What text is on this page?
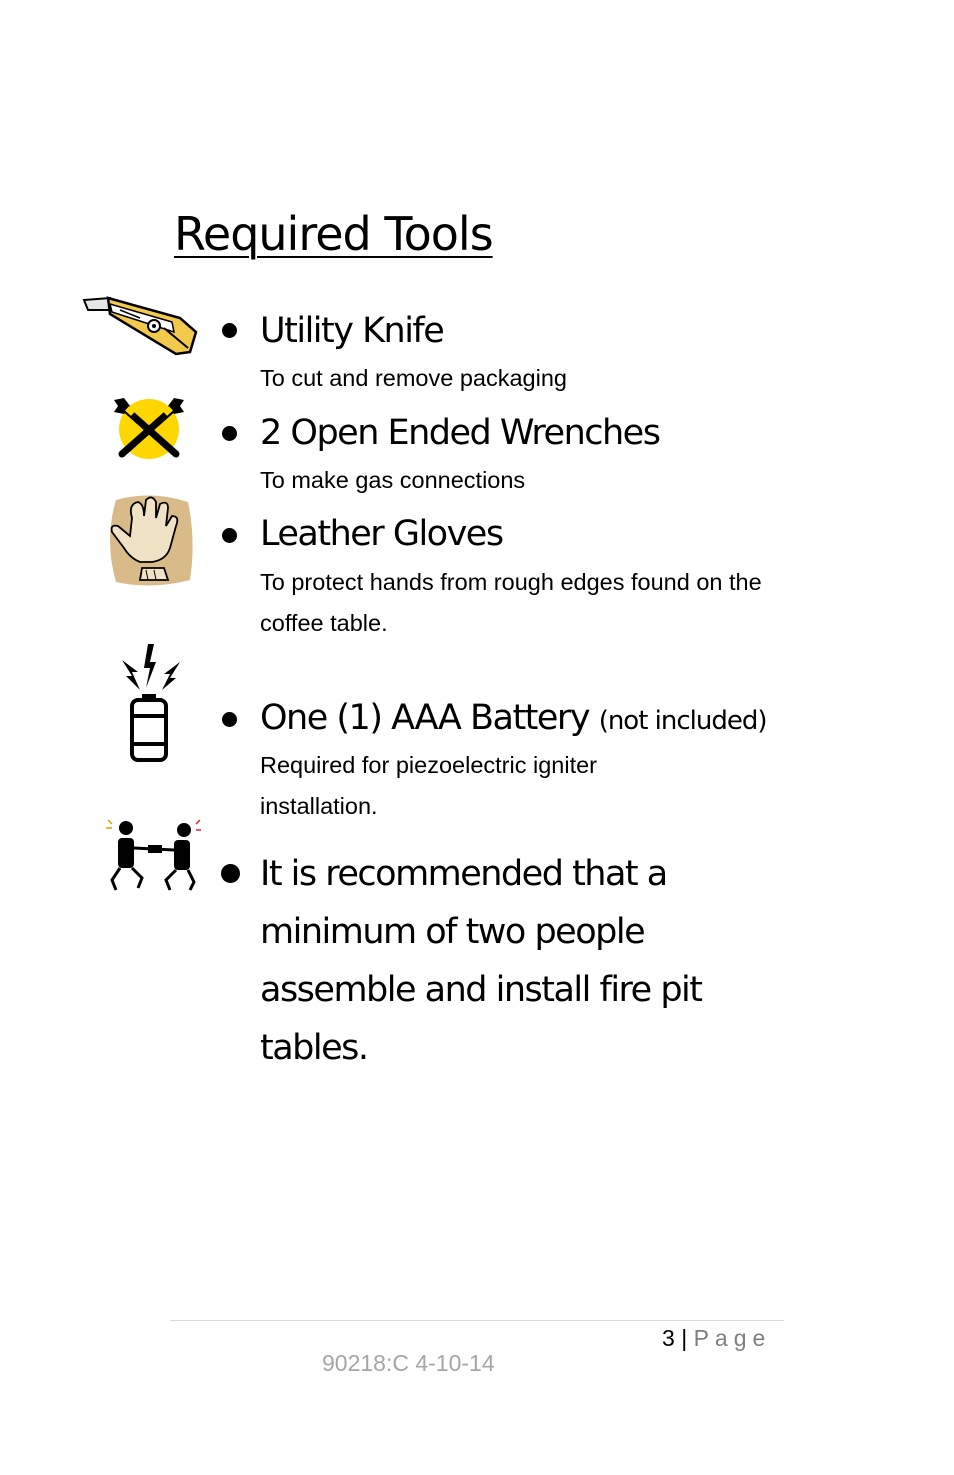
Required Tools
Utility Knife
To cut and remove packaging
2 Open Ended Wrenches
To make gas connections
Leather Gloves
To protect hands from rough edges found on the coffee table.
One (1) AAA Battery (not included)
Required for piezoelectric igniter installation.
It is recommended that a minimum of two people assemble and install fire pit tables.
3 | Page
90218:C 4-10-14
